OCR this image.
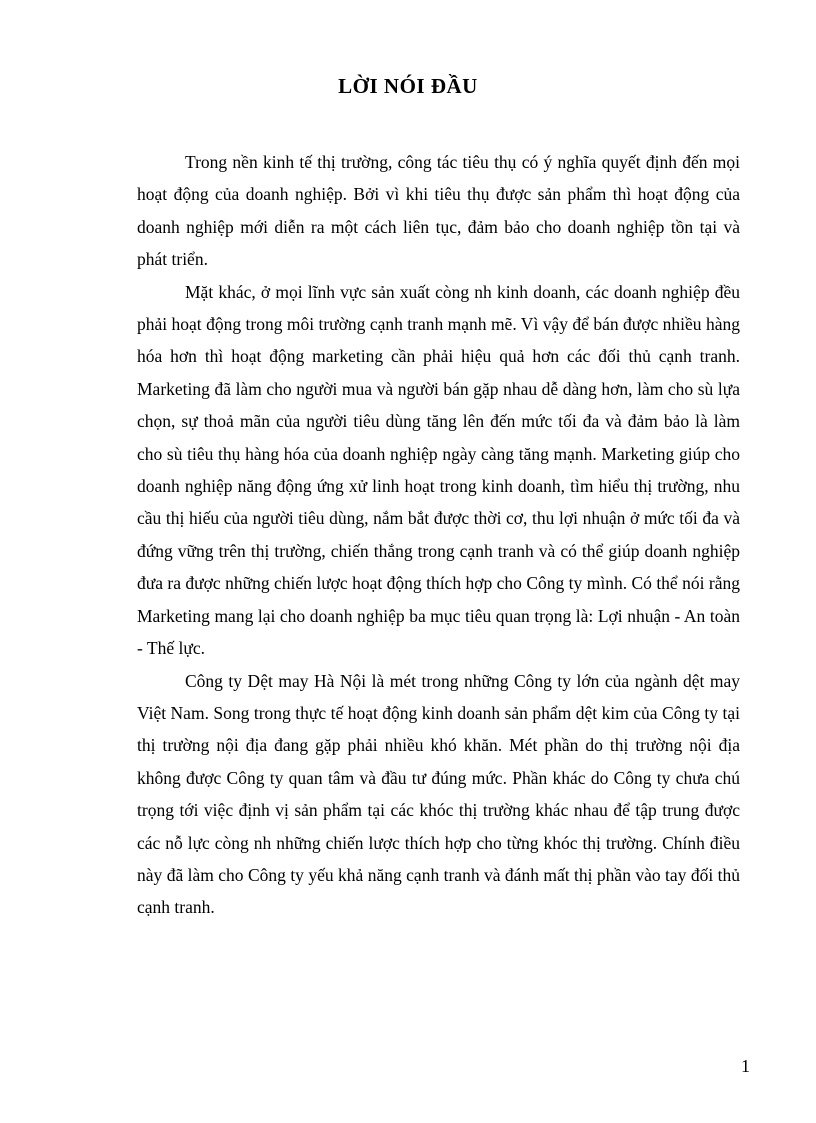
LỜI NÓI ĐẦU

Trong nền kinh tế thị trường, công tác tiêu thụ có ý nghĩa quyết định đến mọi hoạt động của doanh nghiệp. Bởi vì khi tiêu thụ được sản phẩm thì hoạt động của doanh nghiệp mới diễn ra một cách liên tục, đảm bảo cho doanh nghiệp tồn tại và phát triển.

Mặt khác, ở mọi lĩnh vực sản xuất còng nh kinh doanh, các doanh nghiệp đều phải hoạt động trong môi trường cạnh tranh mạnh mẽ. Vì vậy để bán được nhiều hàng hóa hơn thì hoạt động marketing cần phải hiệu quả hơn các đối thủ cạnh tranh. Marketing đã làm cho người mua và người bán gặp nhau dễ dàng hơn, làm cho sù lựa chọn, sự thoả mãn của người tiêu dùng tăng lên đến mức tối đa và đảm bảo là làm cho sù tiêu thụ hàng hóa của doanh nghiệp ngày càng tăng mạnh. Marketing giúp cho doanh nghiệp năng động ứng xử linh hoạt trong kinh doanh, tìm hiểu thị trường, nhu cầu thị hiếu của người tiêu dùng, nắm bắt được thời cơ, thu lợi nhuận ở mức tối đa và đứng vững trên thị trường, chiến thắng trong cạnh tranh và có thể giúp doanh nghiệp đưa ra được những chiến lược hoạt động thích hợp cho Công ty mình. Có thể nói rằng Marketing mang lại cho doanh nghiệp ba mục tiêu quan trọng là: Lợi nhuận - An toàn - Thế lực.

Công ty Dệt may Hà Nội là mét trong những Công ty lớn của ngành dệt may Việt Nam. Song trong thực tế hoạt động kinh doanh sản phẩm dệt kim của Công ty tại thị trường nội địa đang gặp phải nhiều khó khăn. Mét phần do thị trường nội địa không được Công ty quan tâm và đầu tư đúng mức. Phần khác do Công ty chưa chú trọng tới việc định vị sản phẩm tại các khóc thị trường khác nhau để tập trung được các nỗ lực còng nh những chiến lược thích hợp cho từng khóc thị trường. Chính điều này đã làm cho Công ty yếu khả năng cạnh tranh và đánh mất thị phần vào tay đối thủ cạnh tranh.

1
